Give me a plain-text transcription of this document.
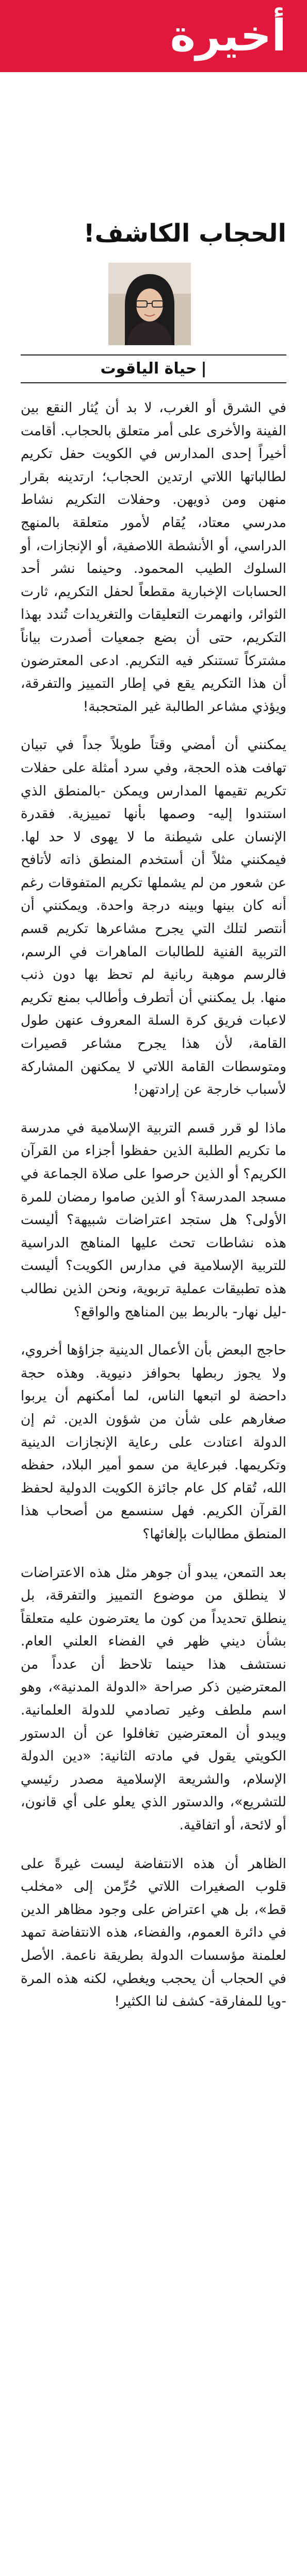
أخيرة
الحجاب الكاشف!
|حياة الياقوت

في الشرق أو الغرب، لا بد أن يُثار النقع بين الفينة والأخرى على أمر متعلق بالحجاب. أقامت أخيراً إحدى المدارس في الكويت حفل تكريم لطالباتها اللاتي ارتدين الحجاب؛ ارتدينه بقرار منهن ومن ذويهن. وحفلات التكريم نشاط مدرسي معتاد، يُقام لأمور متعلقة بالمنهج الدراسي، أو الأنشطة اللاصفية، أو الإنجازات، أو السلوك الطيب المحمود. وحينما نشر أحد الحسابات الإخبارية مقطعاً لحفل التكريم، ثارت الثوائر، وانهمرت التعليقات والتغريدات تُندد بهذا التكريم، حتى أن بضع جمعيات أصدرت بياناً مشتركاً تستنكر فيه التكريم. ادعى المعترضون أن هذا التكريم يقع في إطار التمييز والتفرقة، ويؤذي مشاعر الطالبة غير المتحجبة!

يمكنني أن أمضي وقتاً طويلاً جداً في تبيان تهافت هذه الحجة، وفي سرد أمثلة على حفلات تكريم تقيمها المدارس ويمكن -بالمنطق الذي استندوا إليه- وصمها بأنها تمييزية. فقدرة الإنسان على شيطنة ما لا يهوى لا حد لها. فيمكنني مثلاً أن أستخدم المنطق ذاته لأتافح عن شعور من لم يشملها تكريم المتفوقات رغم أنه كان بينها وبينه درجة واحدة. ويمكنني أن أنتصر لتلك التي يجرح مشاعرها تكريم قسم التربية الفنية للطالبات الماهرات في الرسم، فالرسم موهبة ربانية لم تحظ بها دون ذنب منها. بل يمكنني أن أتطرف وأطالب بمنع تكريم لاعبات فريق كرة السلة المعروف عنهن طول القامة، لأن هذا يجرح مشاعر قصيرات ومتوسطات القامة اللاتي لا يمكنهن المشاركة لأسباب خارجة عن إرادتهن!

ماذا لو قرر قسم التربية الإسلامية في مدرسة ما تكريم الطلبة الذين حفظوا أجزاء من القرآن الكريم؟ أو الذين حرصوا على صلاة الجماعة في مسجد المدرسة؟ أو الذين صاموا رمضان للمرة الأولى؟ هل ستجد اعتراضات شبيهة؟ أليست هذه نشاطات تحث عليها المناهج الدراسية للتربية الإسلامية في مدارس الكويت؟ أليست هذه تطبيقات عملية تربوية، ونحن الذين نطالب -ليل نهار- بالربط بين المناهج والواقع؟

حاجج البعض بأن الأعمال الدينية جزاؤها أخروي، ولا يجوز ربطها بحوافز دنيوية. وهذه حجة داحضة لو اتبعها الناس، لما أمكنهم أن يربوا صغارهم على شأن من شؤون الدين. ثم إن الدولة اعتادت على رعاية الإنجازات الدينية وتكريمها. فبرعاية من سمو أمير البلاد، حفظه الله، تُقام كل عام جائزة الكويت الدولية لحفظ القرآن الكريم. فهل سنسمع من أصحاب هذا المنطق مطالبات بإلغائها؟

بعد التمعن، يبدو أن جوهر مثل هذه الاعتراضات لا ينطلق من موضوع التمييز والتفرقة، بل ينطلق تحديداً من كون ما يعترضون عليه متعلقاً بشأن ديني ظهر في الفضاء العلني العام. نستشف هذا حينما تلاحظ أن عدداً من المعترضين ذكر صراحة «الدولة المدنية»، وهو اسم ملطف وغير تصادمي للدولة العلمانية. ويبدو أن المعترضين تغافلوا عن أن الدستور الكويتي يقول في مادته الثانية: «دين الدولة الإسلام، والشريعة الإسلامية مصدر رئيسي للتشريع»، والدستور الذي يعلو على أي قانون، أو لائحة، أو اتفاقية.

الظاهر أن هذه الانتفاضة ليست غيرةً على قلوب الصغيرات اللاتي حُرِّمن إلى «مخلب قط»، بل هي اعتراض على وجود مظاهر الدين في دائرة العموم، والفضاء، هذه الانتفاضة تمهد لعلمنة مؤسسات الدولة بطريقة ناعمة. الأصل في الحجاب أن يحجب ويغطي، لكنه هذه المرة -ويا للمفارقة- كشف لنا الكثير!
